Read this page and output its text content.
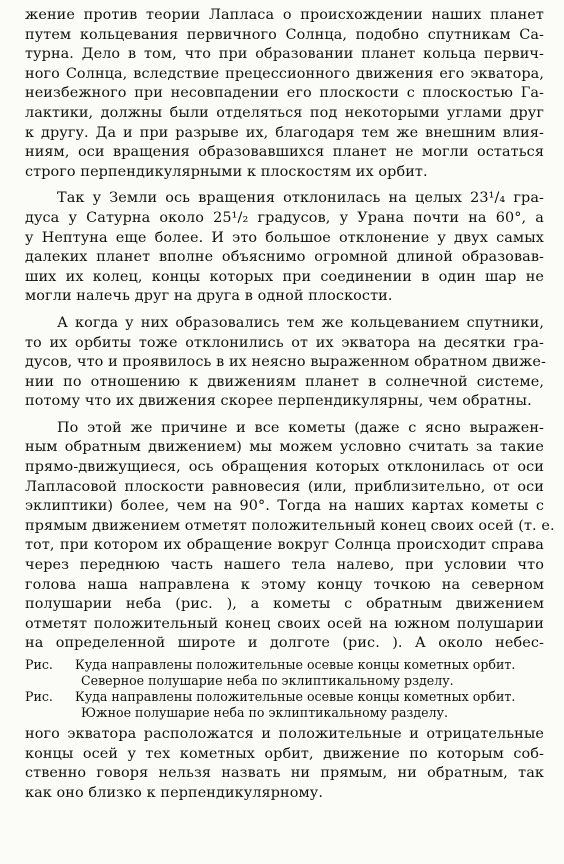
жение против теории Лапласа о происхождении наших планет
путем кольцевания первичного Солнца, подобно спутникам Са-
турна. Дело в том, что при образовании планет кольца первич-
ного Солнца, вследствие прецессионного движения его экватора,
неизбежного при несовпадении его плоскости с плоскостью Га-
лактики, должны были отделяться под некоторыми углами друг
к другу. Да и при разрыве их, благодаря тем же внешним влия-
ниям, оси вращения образовавшихся планет не могли остаться
строго перпендикулярными к плоскостям их орбит.
Так у Земли ось вращения отклонилась на целых 23¹/₄ гра-
дуса у Сатурна около 25¹/₂ градусов, у Урана почти на 60°, а
у Нептуна еще более. И это большое отклонение у двух самых
далеких планет вполне объяснимо огромной длиной образовав-
ших их колец, концы которых при соединении в один шар не
могли налечь друг на друга в одной плоскости.
А когда у них образовались тем же кольцеванием спутники,
то их орбиты тоже отклонились от их экватора на десятки гра-
дусов, что и проявилось в их неясно выраженном обратном движе-
нии по отношению к движениям планет в солнечной системе,
потому что их движения скорее перпендикулярны, чем обратны.
По этой же причине и все кометы (даже с ясно выражен-
ным обратным движением) мы можем условно считать за такие
прямо-движущиеся, ось обращения которых отклонилась от оси
Лапласовой плоскости равновесия (или, приблизительно, от оси
эклиптики) более, чем на 90°. Тогда на наших картах кометы с
прямым движением отметят положительный конец своих осей (т. е.
тот, при котором их обращение вокруг Солнца происходит справа
через переднюю часть нашего тела налево, при условии что
голова наша направлена к этому концу точкою на северном
полушарии неба (рис. ), а кометы с обратным движением
отметят положительный конец своих осей на южном полушарии
на определенной широте и долготе (рис. ). А около небес-
Рис. Куда направлены положительные осевые концы кометных орбит.
Северное полушарие неба по эклиптикальному рзделу.
Рис. Куда направлены положительные осевые концы кометных орбит.
Южное полушарие неба по эклиптикальному разделу.
ного экватора расположатся и положительные и отрицательные
концы осей у тех кометных орбит, движение по которым соб-
ственно говоря нельзя назвать ни прямым, ни обратным, так
как оно близко к перпендикулярному.
